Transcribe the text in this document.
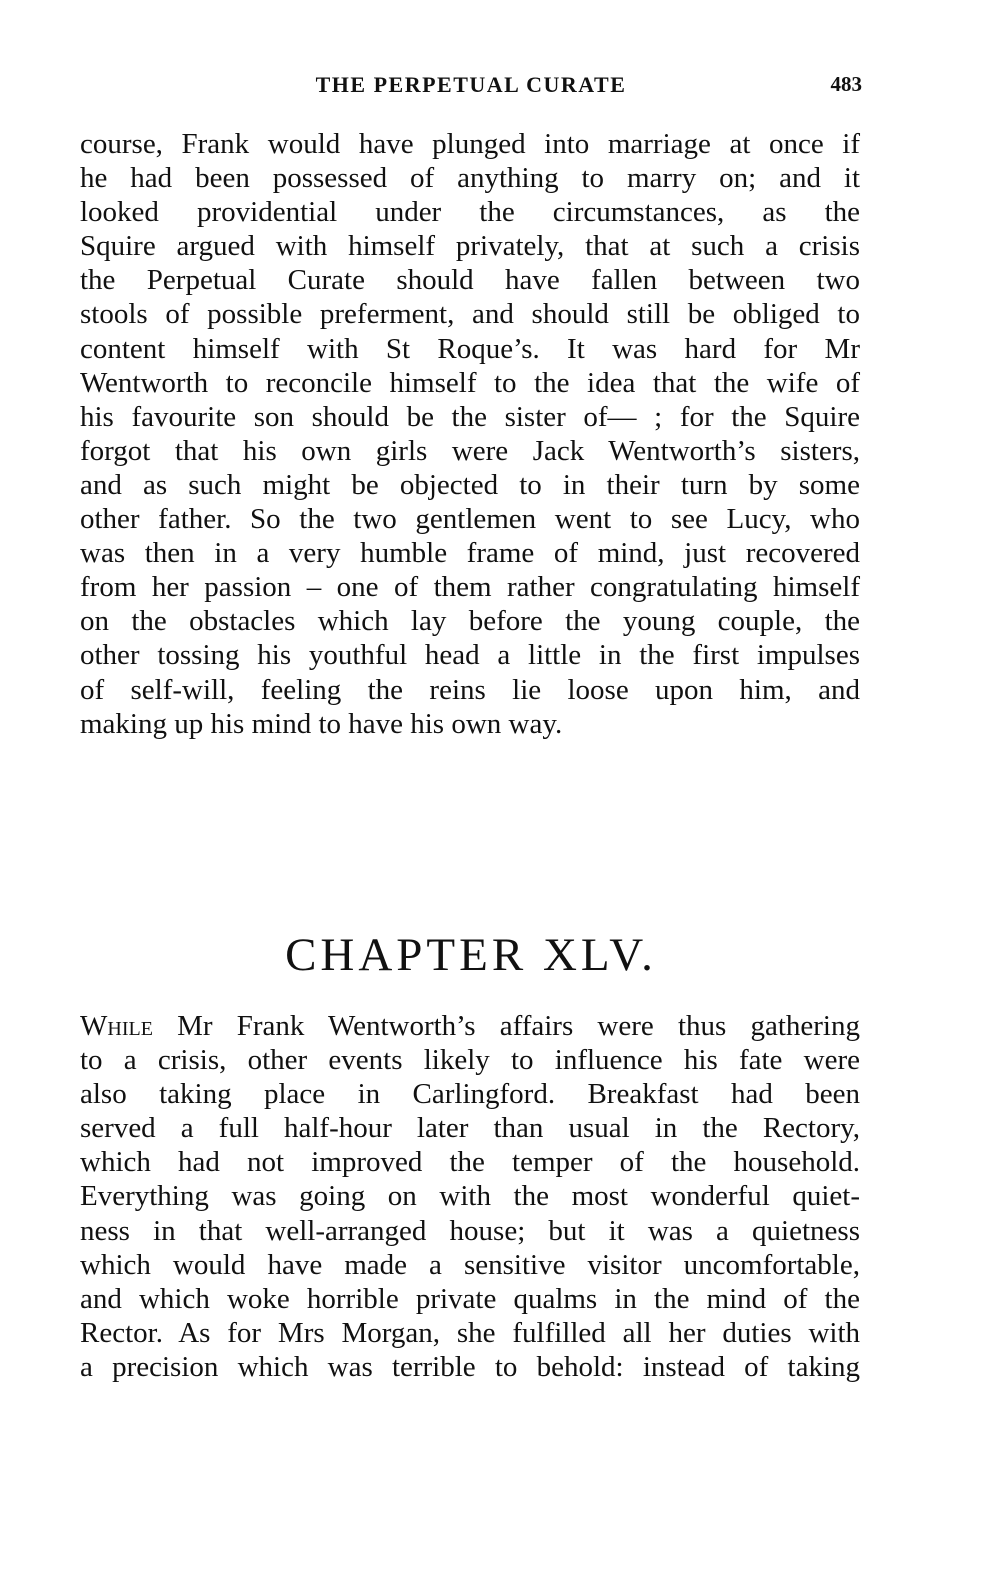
THE PERPETUAL CURATE	483
course, Frank would have plunged into marriage at once if
he had been possessed of anything to marry on; and it
looked providential under the circumstances, as the
Squire argued with himself privately, that at such a crisis
the Perpetual Curate should have fallen between two
stools of possible preferment, and should still be obliged to
content himself with St Roque’s. It was hard for Mr
Wentworth to reconcile himself to the idea that the wife of
his favourite son should be the sister of— ; for the Squire
forgot that his own girls were Jack Wentworth’s sisters,
and as such might be objected to in their turn by some
other father. So the two gentlemen went to see Lucy, who
was then in a very humble frame of mind, just recovered
from her passion – one of them rather congratulating himself
on the obstacles which lay before the young couple, the
other tossing his youthful head a little in the first impulses
of self-will, feeling the reins lie loose upon him, and
making up his mind to have his own way.
CHAPTER XLV.
While Mr Frank Wentworth’s affairs were thus gathering
to a crisis, other events likely to influence his fate were
also taking place in Carlingford. Breakfast had been
served a full half-hour later than usual in the Rectory,
which had not improved the temper of the household.
Everything was going on with the most wonderful quiet-
ness in that well-arranged house; but it was a quietness
which would have made a sensitive visitor uncomfortable,
and which woke horrible private qualms in the mind of the
Rector. As for Mrs Morgan, she fulfilled all her duties with
a precision which was terrible to behold: instead of taking
